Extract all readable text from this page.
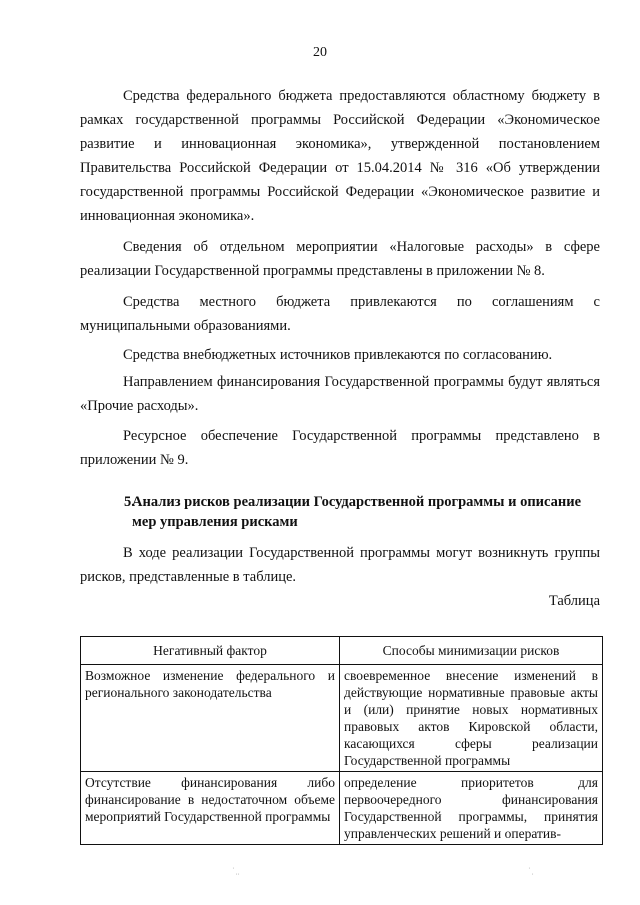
20

Средства федерального бюджета предоставляются областному бюджету в рамках государственной программы Российской Федерации «Экономическое развитие и инновационная экономика», утвержденной постановлением Правительства Российской Федерации от 15.04.2014 № 316 «Об утверждении государственной программы Российской Федерации «Экономическое развитие и инновационная экономика».

Сведения об отдельном мероприятии «Налоговые расходы» в сфере реализации Государственной программы представлены в приложении № 8.

Средства местного бюджета привлекаются по соглашениям с муниципальными образованиями.

Средства внебюджетных источников привлекаются по согласованию.

Направлением финансирования Государственной программы будут являться «Прочие расходы».

Ресурсное обеспечение Государственной программы представлено в приложении № 9.

5.
Анализ рисков реализации Государственной программы и описание мер управления рисками

В ходе реализации Государственной программы могут возникнуть группы рисков, представленные в таблице.

Таблица
Негативный фактор	Способы минимизации рисков
Возможное изменение федерального и регионального законодательства	своевременное внесение изменений в действующие нормативные правовые акты и (или) принятие новых нормативных правовых актов Кировской области, касающихся сферы реализации Государственной программы
Отсутствие финансирования либо финансирование в недостаточном объеме мероприятий Государственной программы	определение приоритетов для первоочередного финансирования Государственной программы, принятия управленческих решений и оператив-
˙ ̣ ̣	˙ ̣
